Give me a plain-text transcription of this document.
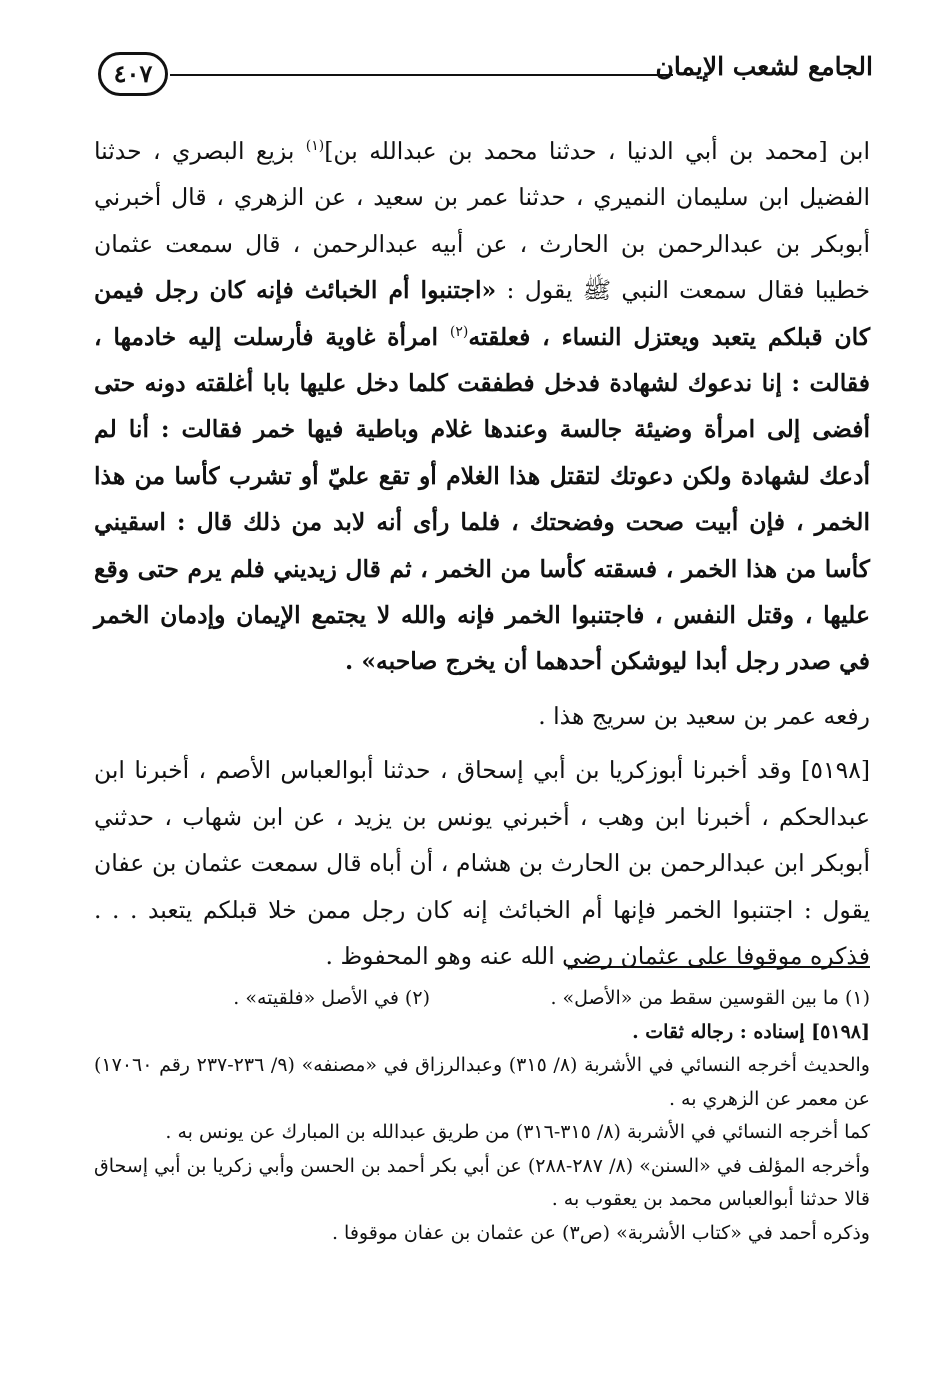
الجامع لشعب الإيمان
٤٠٧

ابن [محمد بن أبي الدنيا ، حدثنا محمد بن عبدالله بن]$^{(١)}$ بزيع البصري ، حدثنا الفضيل ابن سليمان النميري ، حدثنا عمر بن سعيد ، عن الزهري ، قال أخبرني أبوبكر بن عبدالرحمن بن الحارث ، عن أبيه عبدالرحمن ، قال سمعت عثمان خطيبا فقال سمعت النبي ﷺ يقول : «اجتنبوا أم الخبائث فإنه كان رجل فيمن كان قبلكم يتعبد ويعتزل النساء ، فعلقته$^{(٢)}$ امرأة غاوية فأرسلت إليه خادمها ، فقالت : إنا ندعوك لشهادة فدخل فطفقت كلما دخل عليها بابا أغلقته دونه حتى أفضى إلى امرأة وضيئة جالسة وعندها غلام وباطية فيها خمر فقالت : أنا لم أدعك لشهادة ولكن دعوتك لتقتل هذا الغلام أو تقع عليّ أو تشرب كأسا من هذا الخمر ، فإن أبيت صحت وفضحتك ، فلما رأى أنه لابد من ذلك قال : اسقيني كأسا من هذا الخمر ، فسقته كأسا من الخمر ، ثم قال زيديني فلم يرم حتى وقع عليها ، وقتل النفس ، فاجتنبوا الخمر فإنه والله لا يجتمع الإيمان وإدمان الخمر في صدر رجل أبدا ليوشكن أحدهما أن يخرج صاحبه» .

رفعه عمر بن سعيد بن سريج هذا .

[٥١٩٨] وقد أخبرنا أبوزكريا بن أبي إسحاق ، حدثنا أبوالعباس الأصم ، أخبرنا ابن عبدالحكم ، أخبرنا ابن وهب ، أخبرني يونس بن يزيد ، عن ابن شهاب ، حدثني أبوبكر ابن عبدالرحمن بن الحارث بن هشام ، أن أباه قال سمعت عثمان بن عفان يقول : اجتنبوا الخمر فإنها أم الخبائث إنه كان رجل ممن خلا قبلكم يتعبد . . . فذكره موقوفا على عثمان رضي الله عنه وهو المحفوظ .

(١) ما بين القوسين سقط من «الأصل» .
(٢) في الأصل «فلقيته» .

[٥١٩٨] إسناده : رجاله ثقات .

والحديث أخرجه النسائي في الأشربة (٨/ ٣١٥) وعبدالرزاق في «مصنفه» (٩/ ٢٣٦-٢٣٧ رقم ١٧٠٦٠) عن معمر عن الزهري به .

كما أخرجه النسائي في الأشربة (٨/ ٣١٥-٣١٦) من طريق عبدالله بن المبارك عن يونس به .

وأخرجه المؤلف في «السنن» (٨/ ٢٨٧-٢٨٨) عن أبي بكر أحمد بن الحسن وأبي زكريا بن أبي إسحاق قالا حدثنا أبوالعباس محمد بن يعقوب به .

وذكره أحمد في «كتاب الأشربة» (ص٣) عن عثمان بن عفان موقوفا .
